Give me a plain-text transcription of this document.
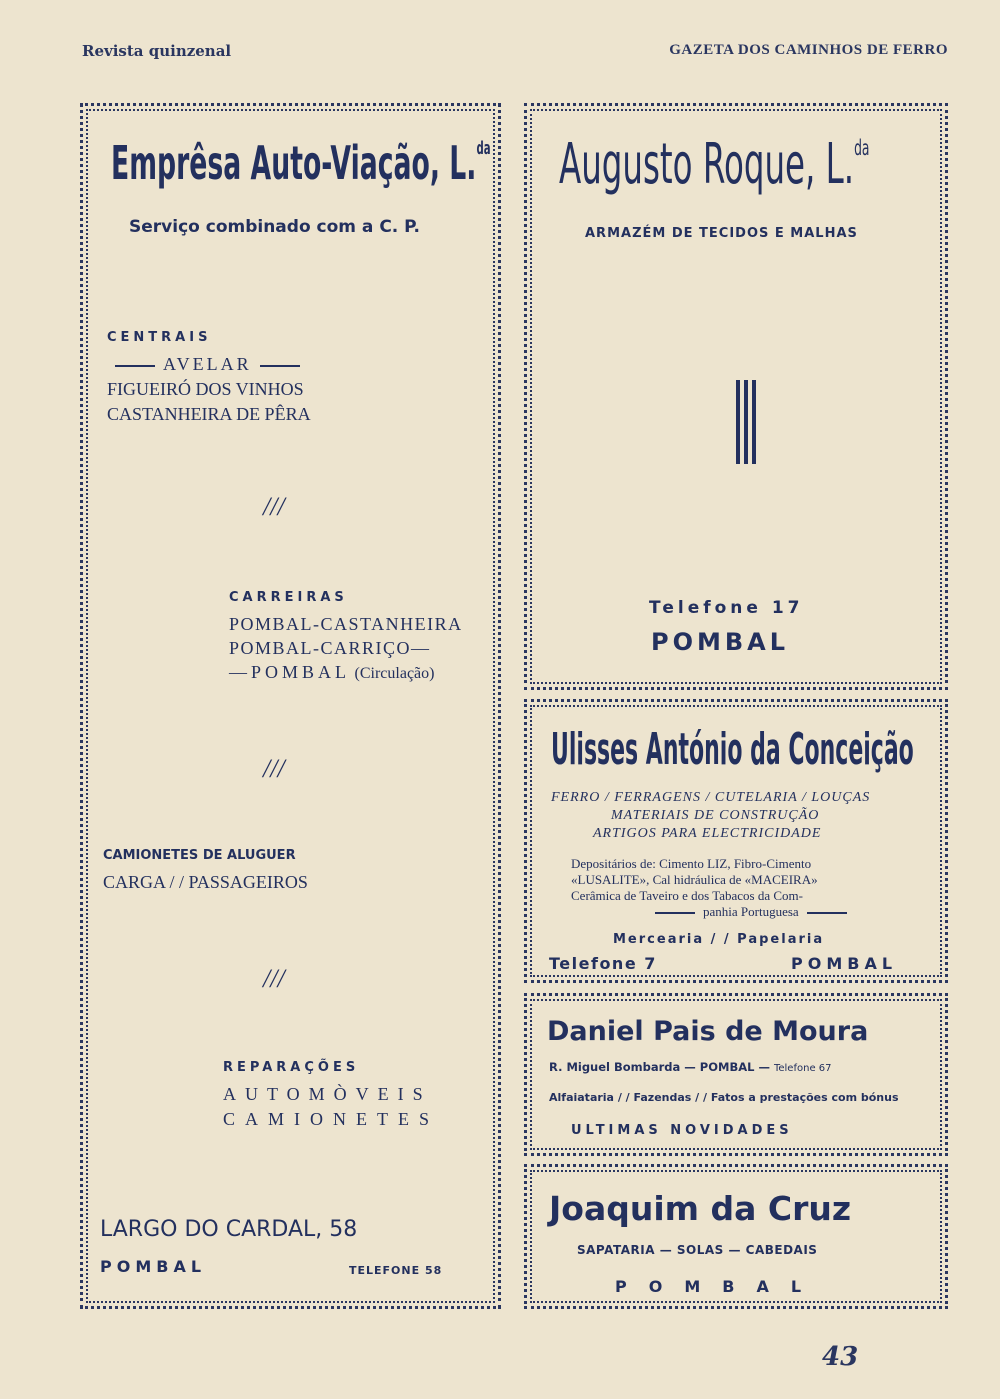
Revista quinzenal	GAZETA DOS CAMINHOS DE FERRO
Emprêsa Auto-Viação, L.$^{da}$
Serviço combinado com a C. P.
CENTRAIS
AVELAR
FIGUEIRÓ DOS VINHOS
CASTANHEIRA DE PÊRA
///
CARREIRAS
POMBAL-CASTANHEIRA
POMBAL-CARRIÇO—
—POMBAL (Circulação)
///
CAMIONETES DE ALUGUER
CARGA / / PASSAGEIROS
///
REPARAÇÕES
AUTOMÒVEIS
CAMIONETES
LARGO DO CARDAL, 58
POMBAL	TELEFONE 58
Augusto Roque, L.$^{da}$
ARMAZÉM DE TECIDOS E MALHAS
Telefone 17
POMBAL
Ulisses António da Conceição
FERRO / FERRAGENS / CUTELARIA / LOUÇAS
MATERIAIS DE CONSTRUÇÃO
ARTIGOS PARA ELECTRICIDADE
Depositários de: Cimento LIZ, Fibro-Cimento
«LUSALITE», Cal hidráulica de «MACEIRA»
Cerâmica de Taveiro e dos Tabacos da Com-
panhia Portuguesa
Mercearia / / Papelaria
Telefone 7	POMBAL
Daniel Pais de Moura
R. Miguel Bombarda — POMBAL — Telefone 67
Alfaiataria / / Fazendas / / Fatos a prestações com bónus
ULTIMAS NOVIDADES
Joaquim da Cruz
SAPATARIA — SOLAS — CABEDAIS
POMBAL
43
